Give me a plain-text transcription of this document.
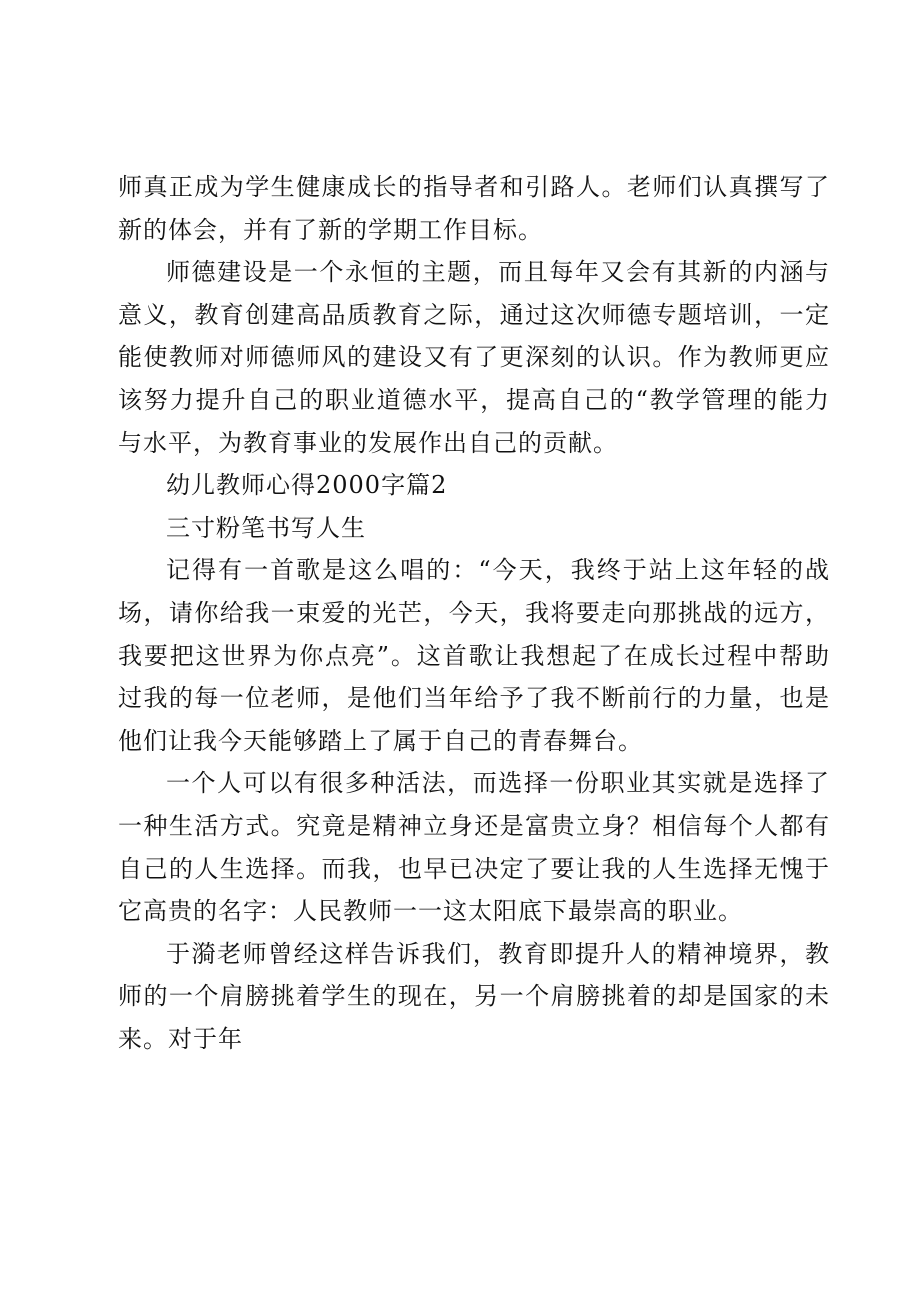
师真正成为学生健康成长的指导者和引路人。老师们认真撰写了新的体会，并有了新的学期工作目标。

师德建设是一个永恒的主题，而且每年又会有其新的内涵与意义，教育创建高品质教育之际，通过这次师德专题培训，一定能使教师对师德师风的建设又有了更深刻的认识。作为教师更应该努力提升自己的职业道德水平，提高自己的“教学管理的能力与水平，为教育事业的发展作出自己的贡献。

幼儿教师心得2000字篇2

三寸粉笔书写人生

记得有一首歌是这么唱的：“今天，我终于站上这年轻的战场，请你给我一束爱的光芒，今天，我将要走向那挑战的远方，我要把这世界为你点亮”。这首歌让我想起了在成长过程中帮助过我的每一位老师，是他们当年给予了我不断前行的力量，也是他们让我今天能够踏上了属于自己的青春舞台。

一个人可以有很多种活法，而选择一份职业其实就是选择了一种生活方式。究竟是精神立身还是富贵立身？相信每个人都有自己的人生选择。而我，也早已决定了要让我的人生选择无愧于它高贵的名字：人民教师一一这太阳底下最崇高的职业。

于漪老师曾经这样告诉我们，教育即提升人的精神境界，教师的一个肩膀挑着学生的现在，另一个肩膀挑着的却是国家的未来。对于年
